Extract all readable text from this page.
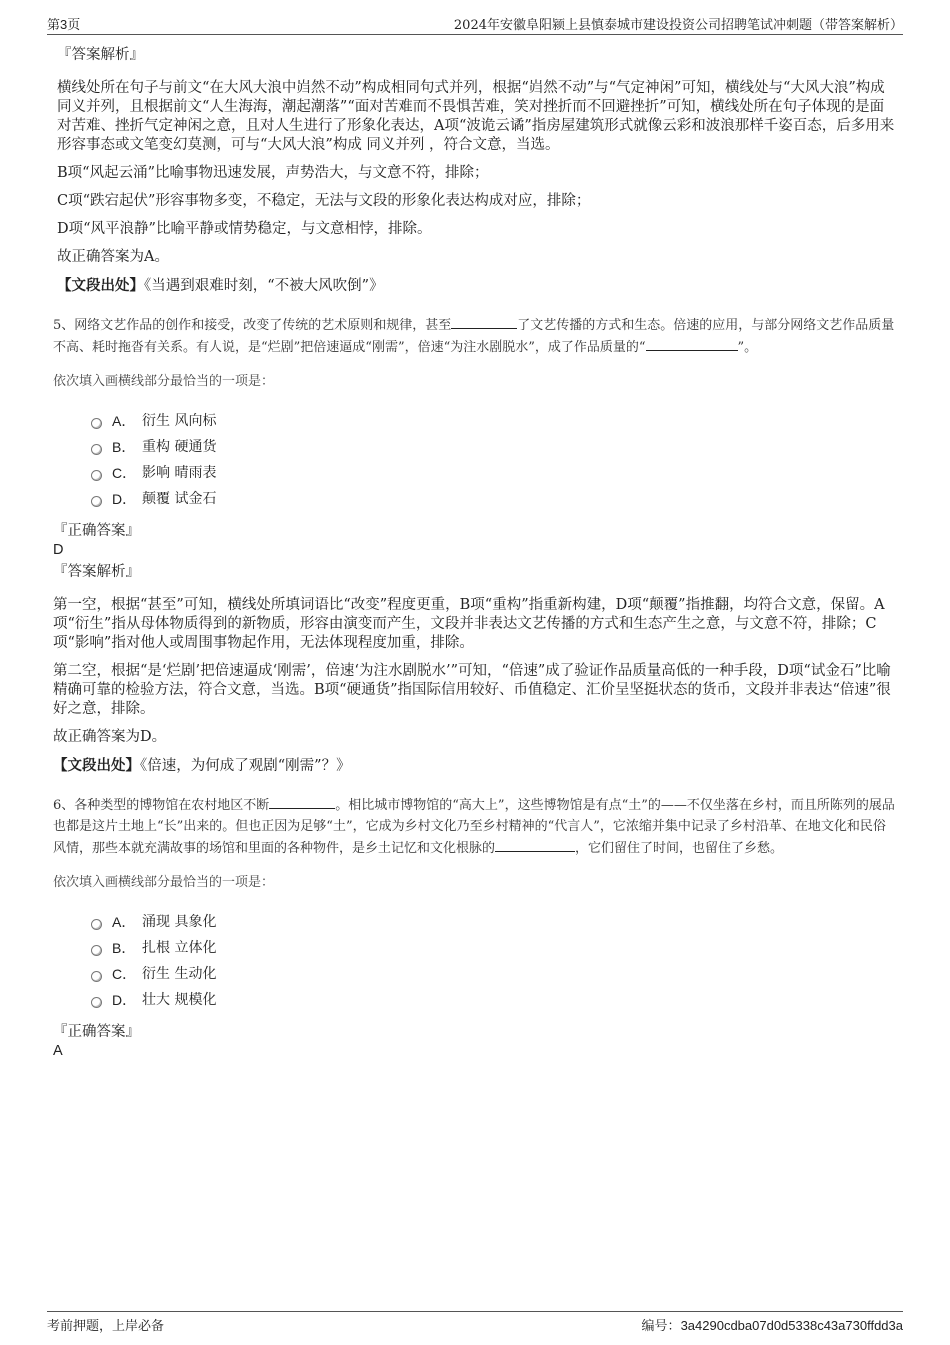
第3页	2024年安徽阜阳颍上县慎泰城市建设投资公司招聘笔试冲刺题（带答案解析）

『答案解析』

横线处所在句子与前文“在大风大浪中岿然不动”构成相同句式并列，根据“岿然不动”与“气定神闲”可知，横线处与“大风大浪”构成同义并列，且根据前文“人生海海，潮起潮落”“面对苦难而不畏惧苦难，笑对挫折而不回避挫折”可知，横线处所在句子体现的是面对苦难、挫折气定神闲之意，且对人生进行了形象化表达，A项“波诡云谲”指房屋建筑形式就像云彩和波浪那样千姿百态，后多用来形容事态或文笔变幻莫测，可与“大风大浪”构成 同义并列 ，符合文意，当选。

B项“风起云涌”比喻事物迅速发展，声势浩大，与文意不符，排除；

C项“跌宕起伏”形容事物多变，不稳定，无法与文段的形象化表达构成对应，排除；

D项“风平浪静”比喻平静或情势稳定，与文意相悖，排除。

故正确答案为A。

【文段出处】《当遇到艰难时刻，“不被大风吹倒”》

5、网络文艺作品的创作和接受，改变了传统的艺术原则和规律，甚至	了文艺传播的方式和生态。倍速的应用，与部分网络文艺作品质量不高、耗时拖沓有关系。有人说，是“烂剧”把倍速逼成“刚需”，倍速“为注水剧脱水”，成了作品质量的“	”。

依次填入画横线部分最恰当的一项是：

A． 衍生 风向标
B． 重构 硬通货
C． 影响 晴雨表
D． 颠覆 试金石

『正确答案』

D

『答案解析』

第一空，根据“甚至”可知，横线处所填词语比“改变”程度更重，B项“重构”指重新构建，D项“颠覆”指推翻，均符合文意，保留。A项“衍生”指从母体物质得到的新物质，形容由演变而产生，文段并非表达文艺传播的方式和生态产生之意，与文意不符，排除；C项“影响”指对他人或周围事物起作用，无法体现程度加重，排除。

第二空，根据“是‘烂剧’把倍速逼成‘刚需’，倍速‘为注水剧脱水’”可知，“倍速”成了验证作品质量高低的一种手段，D项“试金石”比喻精确可靠的检验方法，符合文意，当选。B项“硬通货”指国际信用较好、币值稳定、汇价呈坚挺状态的货币，文段并非表达“倍速”很好之意，排除。

故正确答案为D。

【文段出处】《倍速，为何成了观剧“刚需”？》

6、各种类型的博物馆在农村地区不断	。相比城市博物馆的“高大上”，这些博物馆是有点“土”的——不仅坐落在乡村，而且所陈列的展品也都是这片土地上“长”出来的。但也正因为足够“土”，它成为乡村文化乃至乡村精神的“代言人”，它浓缩并集中记录了乡村沿革、在地文化和民俗风情，那些本就充满故事的场馆和里面的各种物件，是乡土记忆和文化根脉的	，它们留住了时间，也留住了乡愁。

依次填入画横线部分最恰当的一项是：

A． 涌现 具象化
B． 扎根 立体化
C． 衍生 生动化
D． 壮大 规模化

『正确答案』

A

考前押题，上岸必备	编号：3a4290cdba07d0d5338c43a730ffdd3a
